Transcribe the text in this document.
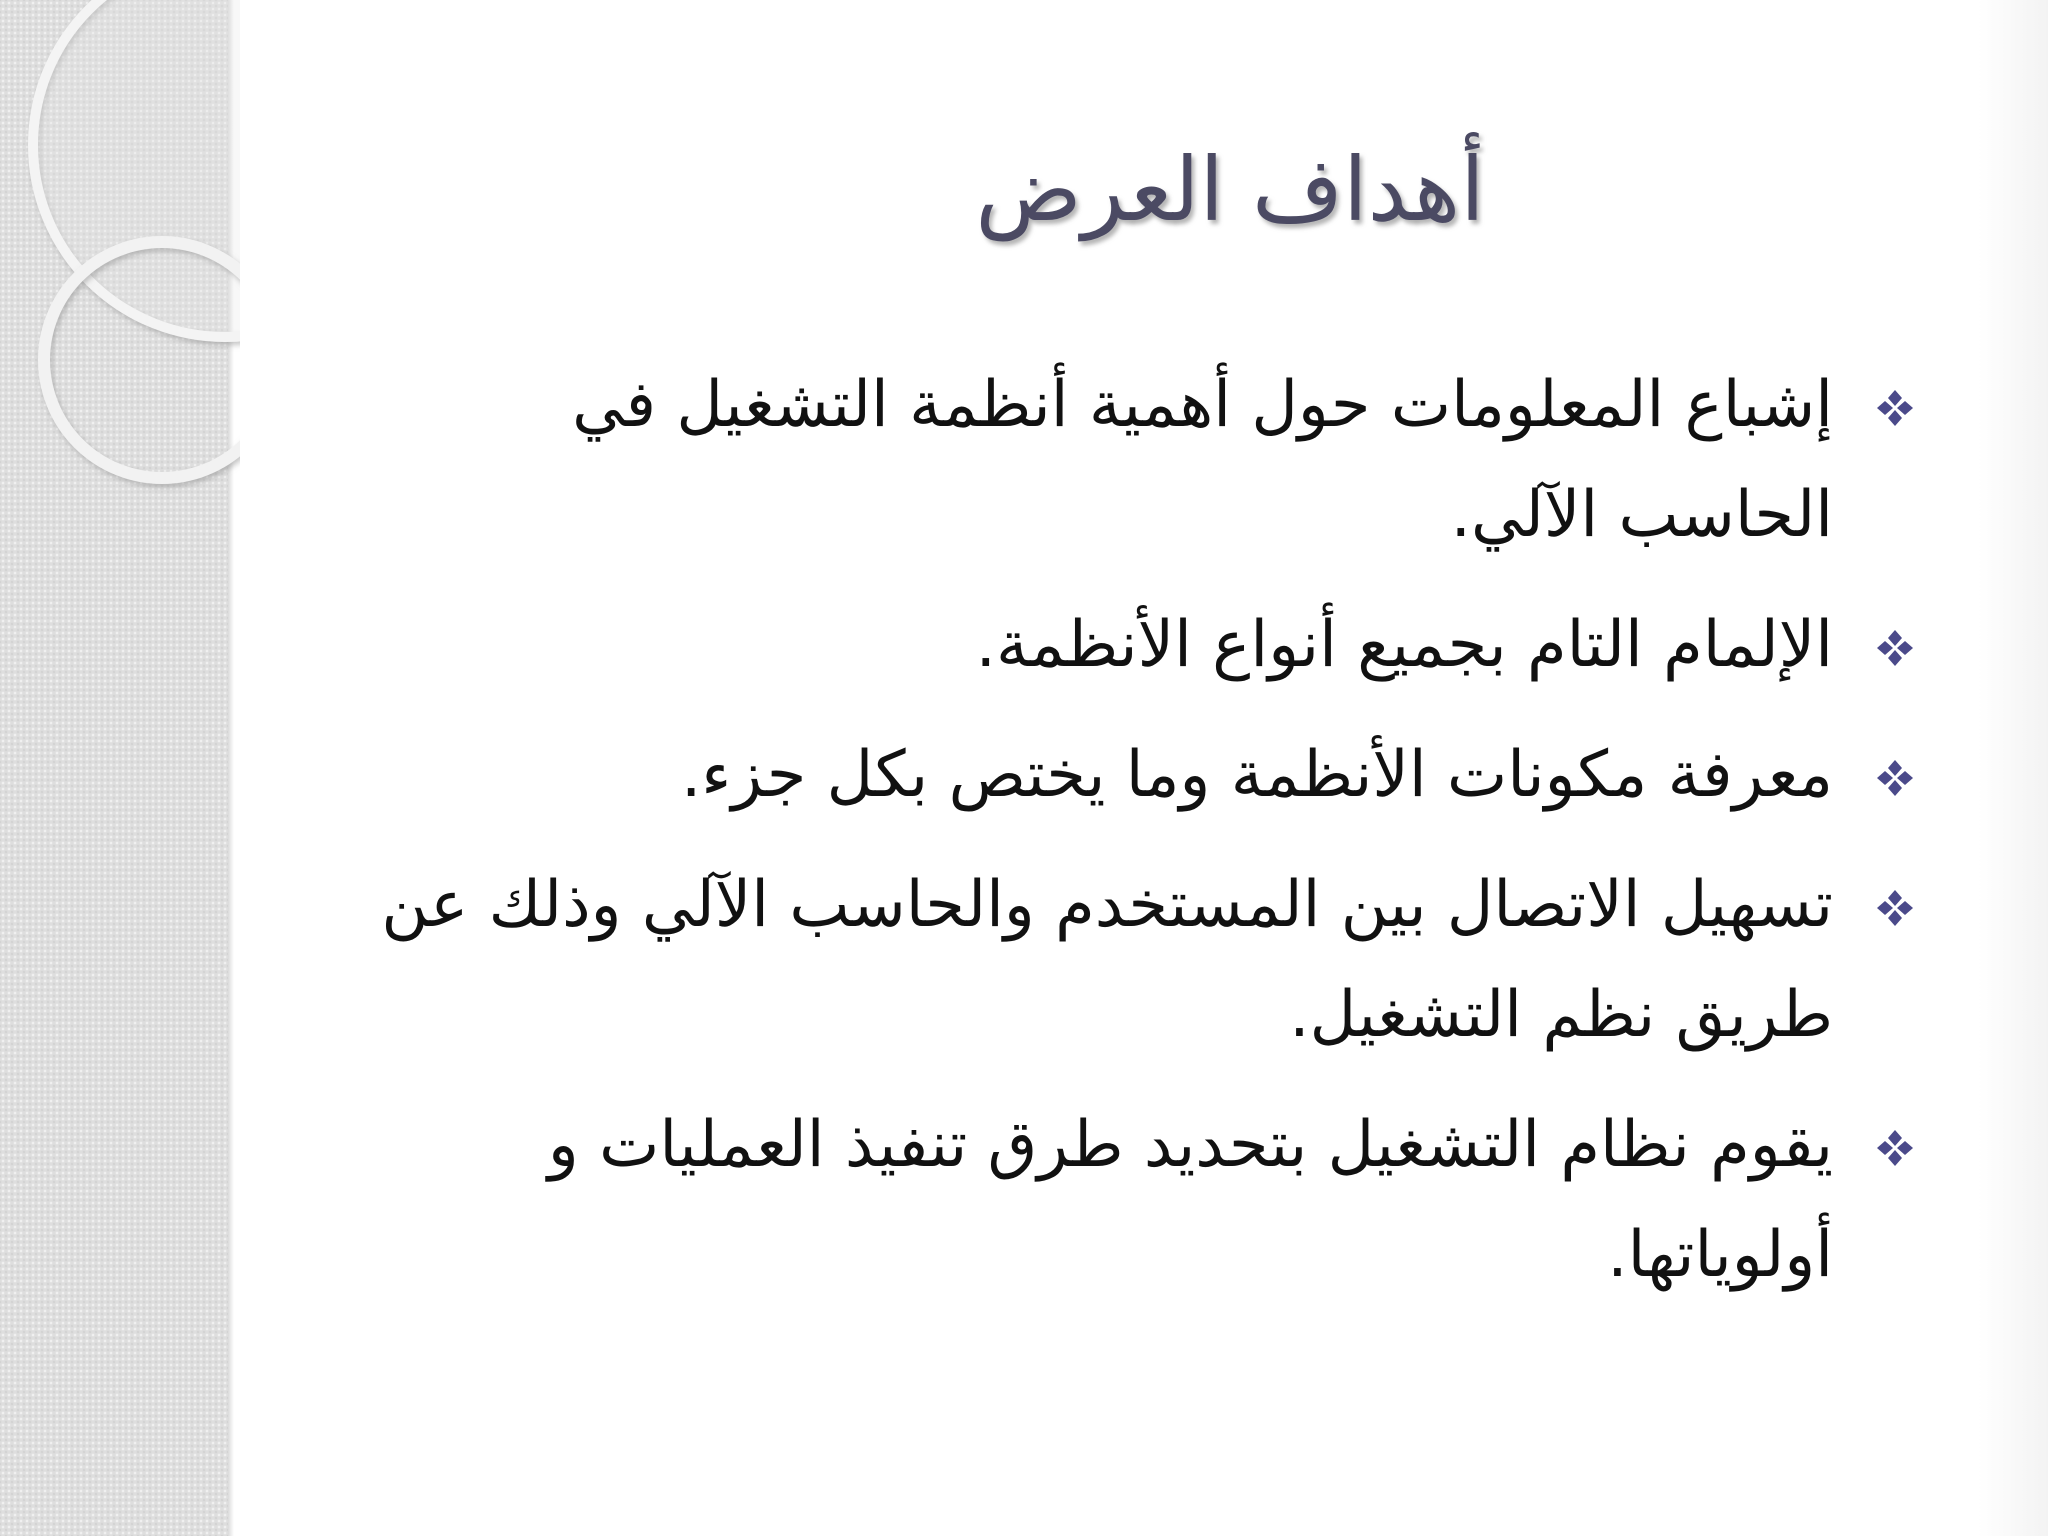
أهداف العرض
إشباع المعلومات حول أهمية أنظمة التشغيل في الحاسب الآلي.
الإلمام التام بجميع أنواع الأنظمة.
معرفة مكونات الأنظمة وما يختص بكل جزء.
تسهيل الاتصال بين المستخدم والحاسب الآلي وذلك عن طريق نظم التشغيل.
يقوم نظام التشغيل بتحديد طرق تنفيذ العمليات و أولوياتها.
